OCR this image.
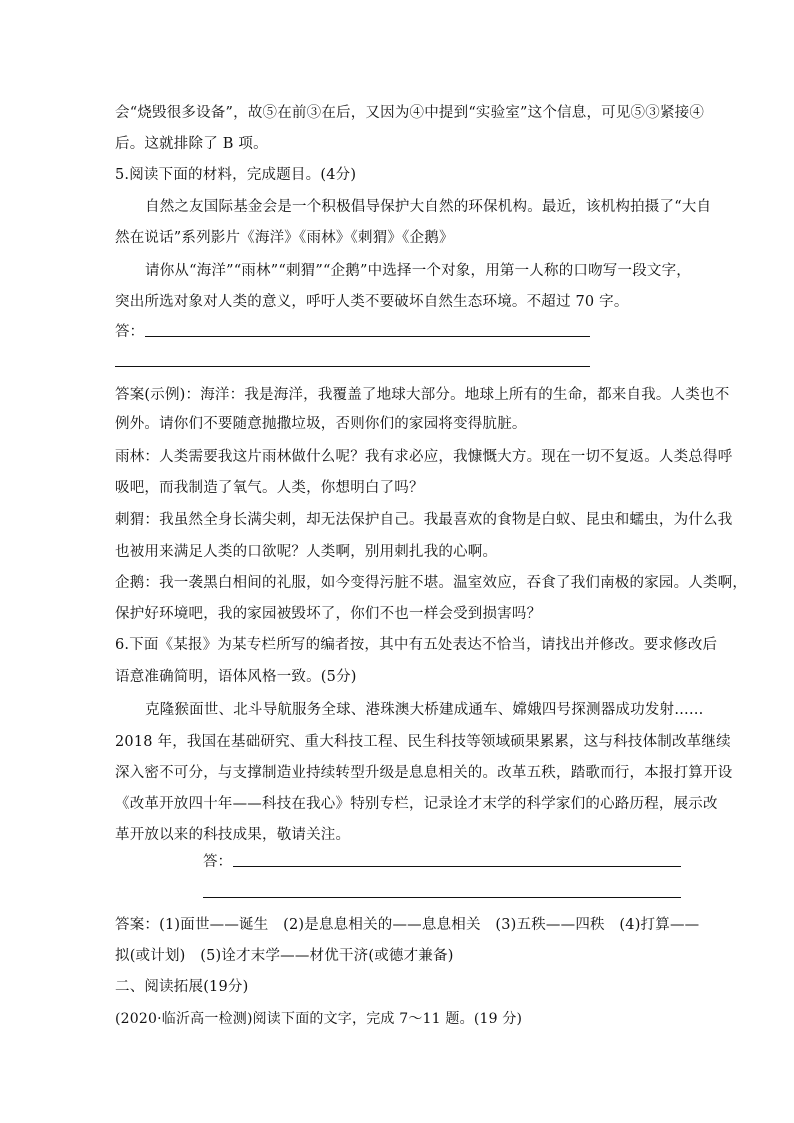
会“烧毁很多设备”，故⑤在前③在后，又因为④中提到“实验室”这个信息，可见⑤③紧接④
后。这就排除了 B 项。
5.阅读下面的材料，完成题目。(4分)
自然之友国际基金会是一个积极倡导保护大自然的环保机构。最近，该机构拍摄了“大自
然在说话”系列影片《海洋》《雨林》《刺猬》《企鹅》
请你从“海洋”“雨林”“刺猬”“企鹅”中选择一个对象，用第一人称的口吻写一段文字，
突出所选对象对人类的意义，呼吁人类不要破坏自然生态环境。不超过 70 字。
答：
答案(示例)：海洋：我是海洋，我覆盖了地球大部分。地球上所有的生命，都来自我。人类也不
例外。请你们不要随意抛撒垃圾，否则你们的家园将变得肮脏。
雨林：人类需要我这片雨林做什么呢？我有求必应，我慷慨大方。现在一切不复返。人类总得呼
吸吧，而我制造了氧气。人类，你想明白了吗？
刺猬：我虽然全身长满尖刺，却无法保护自己。我最喜欢的食物是白蚁、昆虫和蠕虫，为什么我
也被用来满足人类的口欲呢？人类啊，别用刺扎我的心啊。
企鹅：我一袭黑白相间的礼服，如今变得污脏不堪。温室效应，吞食了我们南极的家园。人类啊，
保护好环境吧，我的家园被毁坏了，你们不也一样会受到损害吗？
6.下面《某报》为某专栏所写的编者按，其中有五处表达不恰当，请找出并修改。要求修改后
语意准确简明，语体风格一致。(5分)
克隆猴面世、北斗导航服务全球、港珠澳大桥建成通车、嫦娥四号探测器成功发射……
2018 年，我国在基础研究、重大科技工程、民生科技等领域硕果累累，这与科技体制改革继续
深入密不可分，与支撑制造业持续转型升级是息息相关的。改革五秩，踏歌而行，本报打算开设
《改革开放四十年——科技在我心》特别专栏，记录诠才末学的科学家们的心路历程，展示改
革开放以来的科技成果，敬请关注。
答：
答案：(1)面世——诞生　(2)是息息相关的——息息相关　(3)五秩——四秩　(4)打算——
拟(或计划)　(5)诠才末学——材优干济(或德才兼备)
二、阅读拓展(19分)
(2020·临沂高一检测)阅读下面的文字，完成 7～11 题。(19 分)
